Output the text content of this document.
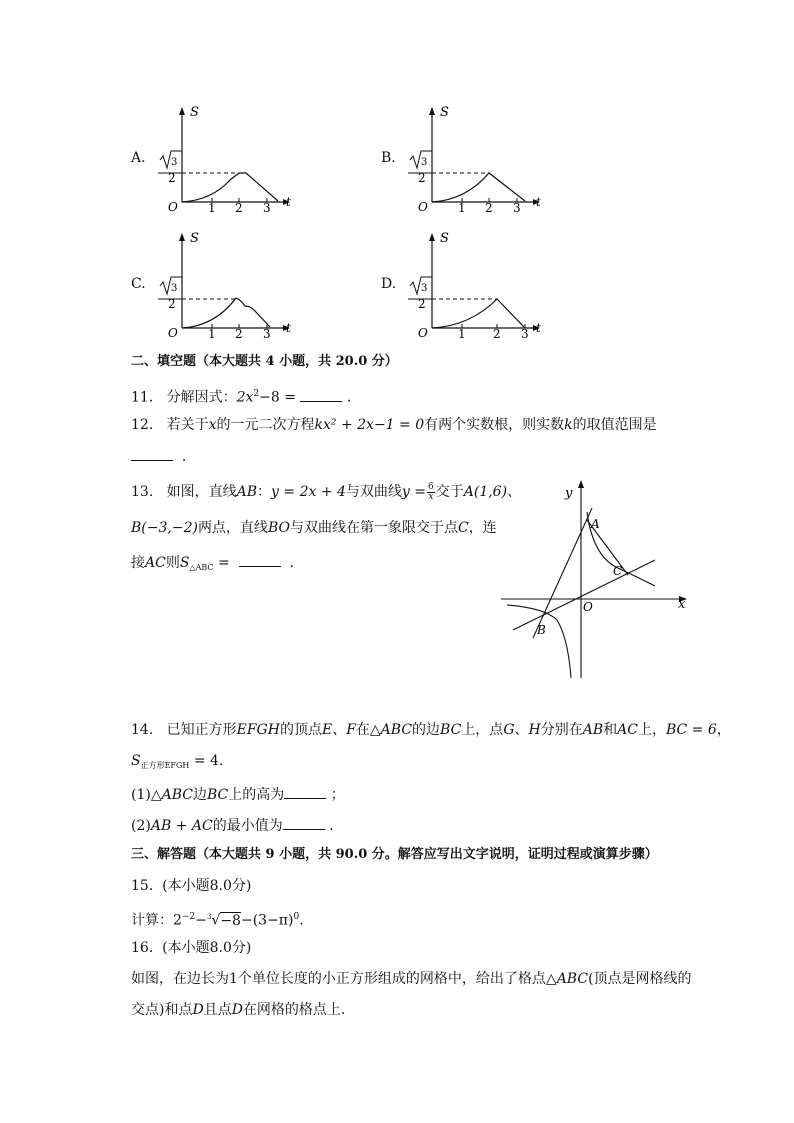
A.	3
2
O	1 2 3 t
S
B.	3
2
O	1 2 3 t
S
C.	3
2
O	1 2 3 t
S
D. 3
2
O	1 2 3 t
S
二、填空题（本大题共 4 小题，共 20.0 分）
11. 分解因式：$2x^2-8$ =	.
12. 若关于x的一元二次方程kx² + 2x−1 = 0有两个实数根，则实数k的取值范围是
.
13. 如图，直线AB：y = 2x + 4与双曲线$y = \frac{6}{x}$ 交于A(1,6)、
B(−3,−2)两点，直线BO与双曲线在第一象限交于点C，连
接AC则$S_{\triangle ABC}$ =	.
y
x
O
A
B
C
14. 已知正方形EFGH的顶点E、F在△ABC的边BC上，点G、H分别在AB和AC上，BC = 6，
$S_{正方形EFGH} = 4$.
(1)△ABC边BC上的高为	；
(2)AB + AC的最小值为	.
三、解答题（本大题共 9 小题，共 90.0 分。解答应写出文字说明，证明过程或演算步骤）
15. (本小题8.0分)
计算：$2^{-2}-^3√-8-(3-\pi)^0$.
16. (本小题8.0分)
如图，在边长为1个单位长度的小正方形组成的网格中，给出了格点△ABC(顶点是网格线的
交点)和点D且点D在网格的格点上.
